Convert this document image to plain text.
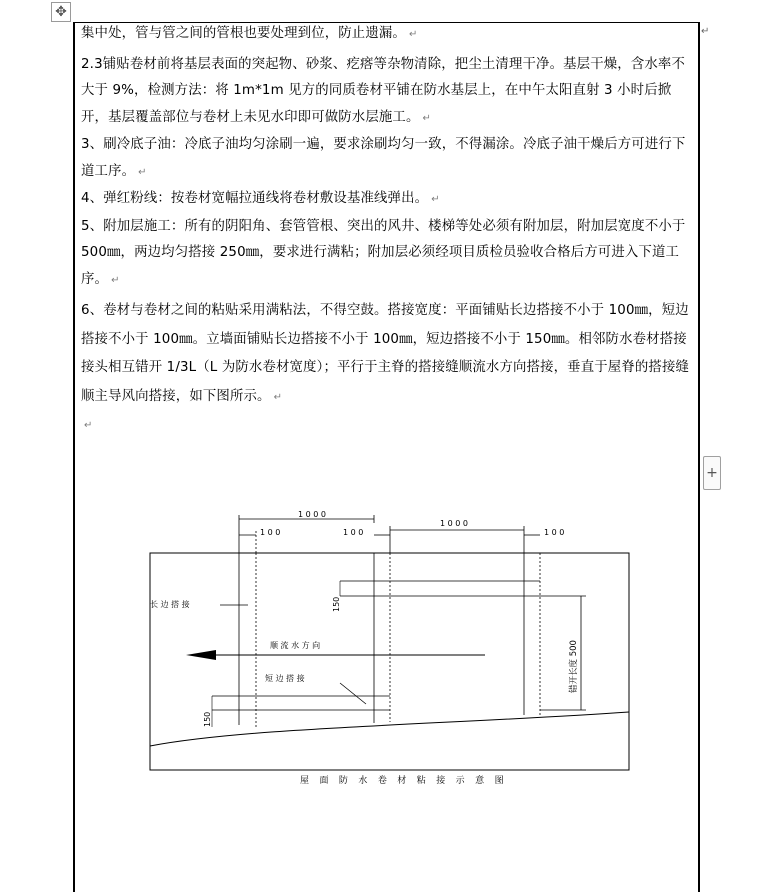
✥
↵
+

集中处，管与管之间的管根也要处理到位，防止遗漏。 ↵

2.3铺贴卷材前将基层表面的突起物、砂浆、疙瘩等杂物清除，把尘土清理干净。基层干燥，含水率不大于 9%，检测方法：将 1m*1m 见方的同质卷材平铺在防水基层上，在中午太阳直射 3 小时后掀开，基层覆盖部位与卷材上未见水印即可做防水层施工。 ↵

3、刷冷底子油：冷底子油均匀涂刷一遍，要求涂刷均匀一致，不得漏涂。冷底子油干燥后方可进行下道工序。 ↵

4、弹红粉线：按卷材宽幅拉通线将卷材敷设基准线弹出。 ↵

5、附加层施工：所有的阴阳角、套管管根、突出的风井、楼梯等处必须有附加层，附加层宽度不小于 500㎜，两边均匀搭接 250㎜，要求进行满粘；附加层必须经项目质检员验收合格后方可进入下道工序。 ↵

6、卷材与卷材之间的粘贴采用满粘法，不得空鼓。搭接宽度：平面铺贴长边搭接不小于 100㎜，短边搭接不小于 100㎜。立墙面铺贴长边搭接不小于 100㎜，短边搭接不小于 150㎜。相邻防水卷材搭接接头相互错开 1/3L（L 为防水卷材宽度）；平行于主脊的搭接缝顺流水方向搭接，垂直于屋脊的搭接缝顺主导风向搭接，如下图所示。 ↵

↵

1 0 0 0
1 0 0	1 0 0
1 0 0 0
1 0 0
150
150
错开长度 500
长 边 搭 接
顺 流 水 方 向
短 边 搭 接
屋 面 防 水 卷 材 粘 接 示 意 图
